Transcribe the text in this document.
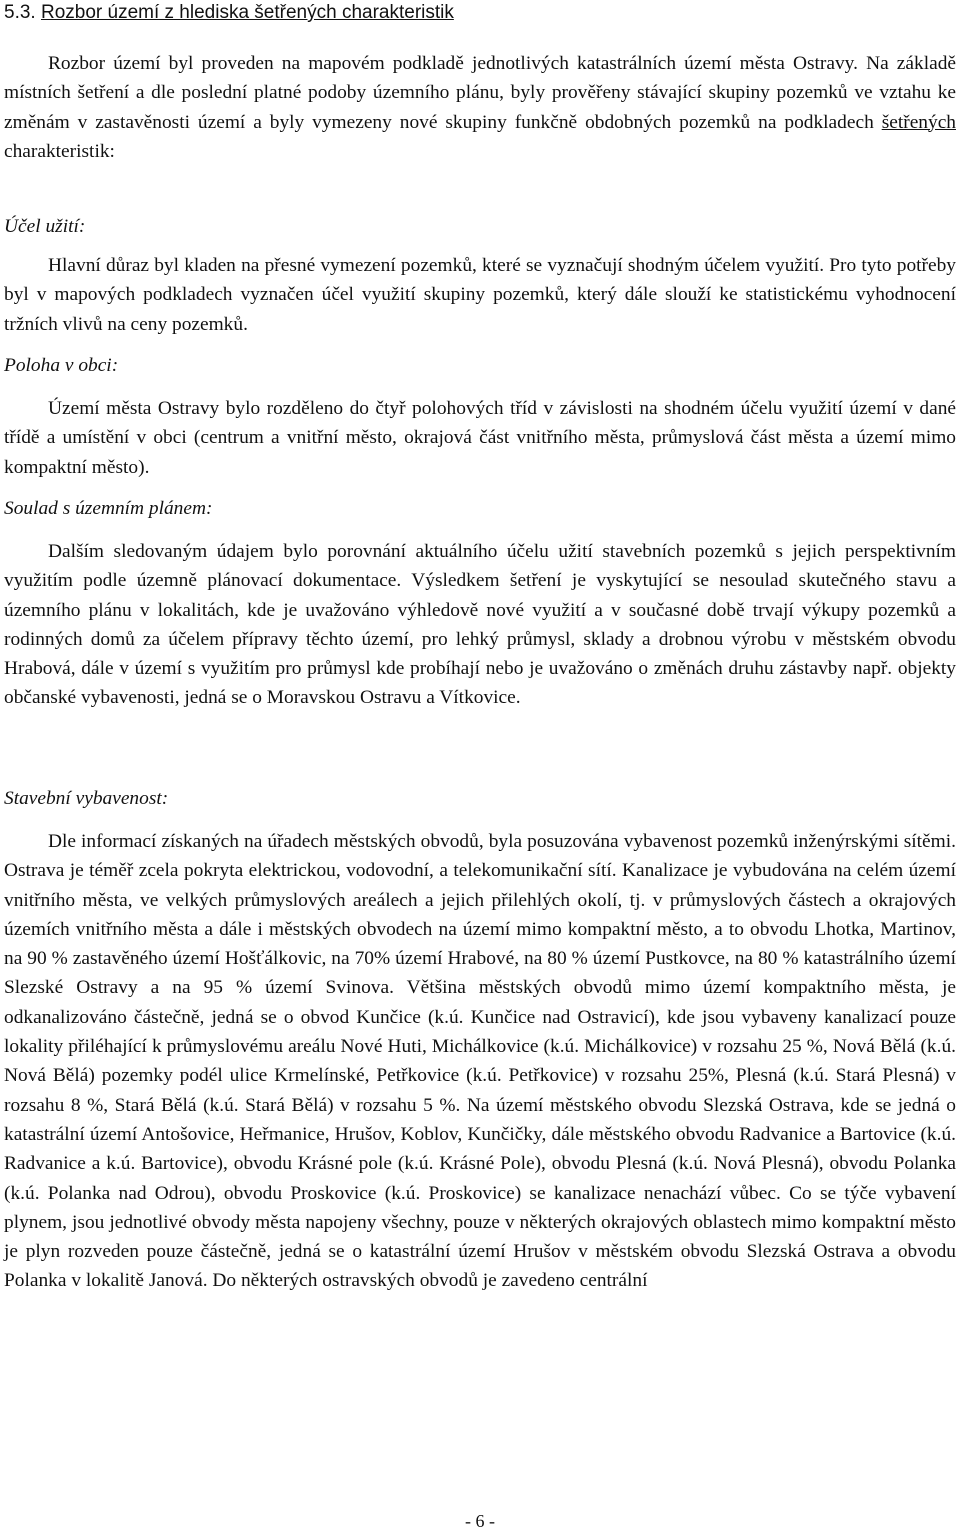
5.3. Rozbor území z hlediska šetřených charakteristik

Rozbor území byl proveden na mapovém podkladě jednotlivých katastrálních území města Ostravy. Na základě místních šetření a dle poslední platné podoby územního plánu, byly prověřeny stávající skupiny pozemků ve vztahu ke změnám v zastavěnosti území a byly vymezeny nové skupiny funkčně obdobných pozemků na podkladech šetřených charakteristik:

Účel užití:

Hlavní důraz byl kladen na přesné vymezení pozemků, které se vyznačují shodným účelem využití. Pro tyto potřeby byl v mapových podkladech vyznačen účel využití skupiny pozemků, který dále slouží ke statistickému vyhodnocení tržních vlivů na ceny pozemků.

Poloha v obci:

Území města Ostravy bylo rozděleno do čtyř polohových tříd v závislosti na shodném účelu využití území v dané třídě a umístění v obci (centrum a vnitřní město, okrajová část vnitřního města, průmyslová část města a území mimo kompaktní město).

Soulad s územním plánem:

Dalším sledovaným údajem bylo porovnání aktuálního účelu užití stavebních pozemků s jejich perspektivním využitím podle územně plánovací dokumentace. Výsledkem šetření je vyskytující se nesoulad skutečného stavu a územního plánu v lokalitách, kde je uvažováno výhledově nové využití a v současné době trvají výkupy pozemků a rodinných domů za účelem přípravy těchto území, pro lehký průmysl, sklady a drobnou výrobu v městském obvodu Hrabová, dále v území s využitím pro průmysl kde probíhají nebo je uvažováno o změnách druhu zástavby např. objekty občanské vybavenosti, jedná se o Moravskou Ostravu a Vítkovice.

Stavební vybavenost:

Dle informací získaných na úřadech městských obvodů, byla posuzována vybavenost pozemků inženýrskými sítěmi. Ostrava je téměř zcela pokryta elektrickou, vodovodní, a telekomunikační sítí. Kanalizace je vybudována na celém území vnitřního města, ve velkých průmyslových areálech a jejich přilehlých okolí, tj. v průmyslových částech a okrajových územích vnitřního města a dále i městských obvodech na území mimo kompaktní město, a to obvodu Lhotka, Martinov, na 90 % zastavěného území Hošťálkovic, na 70% území Hrabové, na 80 % území Pustkovce, na 80 % katastrálního území Slezské Ostravy a na 95 % území Svinova. Většina městských obvodů mimo území kompaktního města, je odkanalizováno částečně, jedná se o obvod Kunčice (k.ú. Kunčice nad Ostravicí), kde jsou vybaveny kanalizací pouze lokality přiléhající k průmyslovému areálu Nové Huti, Michálkovice (k.ú. Michálkovice) v rozsahu 25 %, Nová Bělá (k.ú. Nová Bělá) pozemky podél ulice Krmelínské, Petřkovice (k.ú. Petřkovice) v rozsahu 25%, Plesná (k.ú. Stará Plesná) v rozsahu 8 %, Stará Bělá (k.ú. Stará Bělá) v rozsahu 5 %. Na území městského obvodu Slezská Ostrava, kde se jedná o katastrální území Antošovice, Heřmanice, Hrušov, Koblov, Kunčičky, dále městského obvodu Radvanice a Bartovice (k.ú. Radvanice a k.ú. Bartovice), obvodu Krásné pole (k.ú. Krásné Pole), obvodu Plesná (k.ú. Nová Plesná), obvodu Polanka (k.ú. Polanka nad Odrou), obvodu Proskovice (k.ú. Proskovice) se kanalizace nenachází vůbec. Co se týče vybavení plynem, jsou jednotlivé obvody města napojeny všechny, pouze v některých okrajových oblastech mimo kompaktní město je plyn rozveden pouze částečně, jedná se o katastrální území Hrušov v městském obvodu Slezská Ostrava a obvodu Polanka v lokalitě Janová. Do některých ostravských obvodů je zavedeno centrální

- 6 -
